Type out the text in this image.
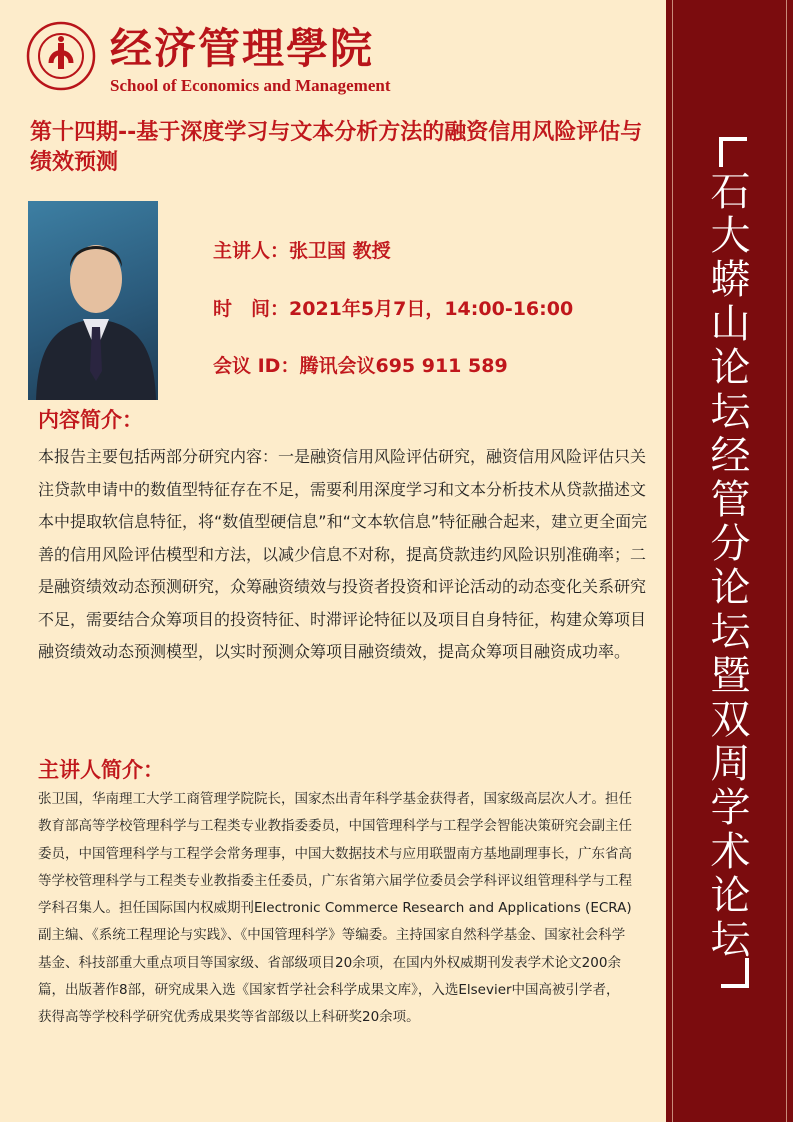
经济管理學院
School of Economics and Management
第十四期--基于深度学习与文本分析方法的融资信用风险评估与绩效预测
主讲人：张卫国 教授
时　间：2021年5月7日，14:00-16:00
会议 ID：腾讯会议695 911 589
内容简介：
本报告主要包括两部分研究内容：一是融资信用风险评估研究，融资信用风险评估只关注贷款申请中的数值型特征存在不足，需要利用深度学习和文本分析技术从贷款描述文本中提取软信息特征，将“数值型硬信息”和“文本软信息”特征融合起来，建立更全面完善的信用风险评估模型和方法，以减少信息不对称，提高贷款违约风险识别准确率；二是融资绩效动态预测研究，众筹融资绩效与投资者投资和评论活动的动态变化关系研究不足，需要结合众筹项目的投资特征、时滞评论特征以及项目自身特征，构建众筹项目融资绩效动态预测模型，以实时预测众筹项目融资绩效，提高众筹项目融资成功率。
主讲人简介：
张卫国，华南理工大学工商管理学院院长，国家杰出青年科学基金获得者，国家级高层次人才。担任教育部高等学校管理科学与工程类专业教指委委员，中国管理科学与工程学会智能决策研究会副主任委员，中国管理科学与工程学会常务理事，中国大数据技术与应用联盟南方基地副理事长，广东省高等学校管理科学与工程类专业教指委主任委员，广东省第六届学位委员会学科评议组管理科学与工程学科召集人。担任国际国内权威期刊Electronic Commerce Research and Applications (ECRA)副主编、《系统工程理论与实践》、《中国管理科学》等编委。主持国家自然科学基金、国家社会科学基金、科技部重大重点项目等国家级、省部级项目20余项，在国内外权威期刊发表学术论文200余篇，出版著作8部，研究成果入选《国家哲学社会科学成果文库》，入选Elsevier中国高被引学者，获得高等学校科学研究优秀成果奖等省部级以上科研奖20余项。
石
大
蟒
山
论
坛
经
管
分
论
坛
暨
双
周
学
术
论
坛
